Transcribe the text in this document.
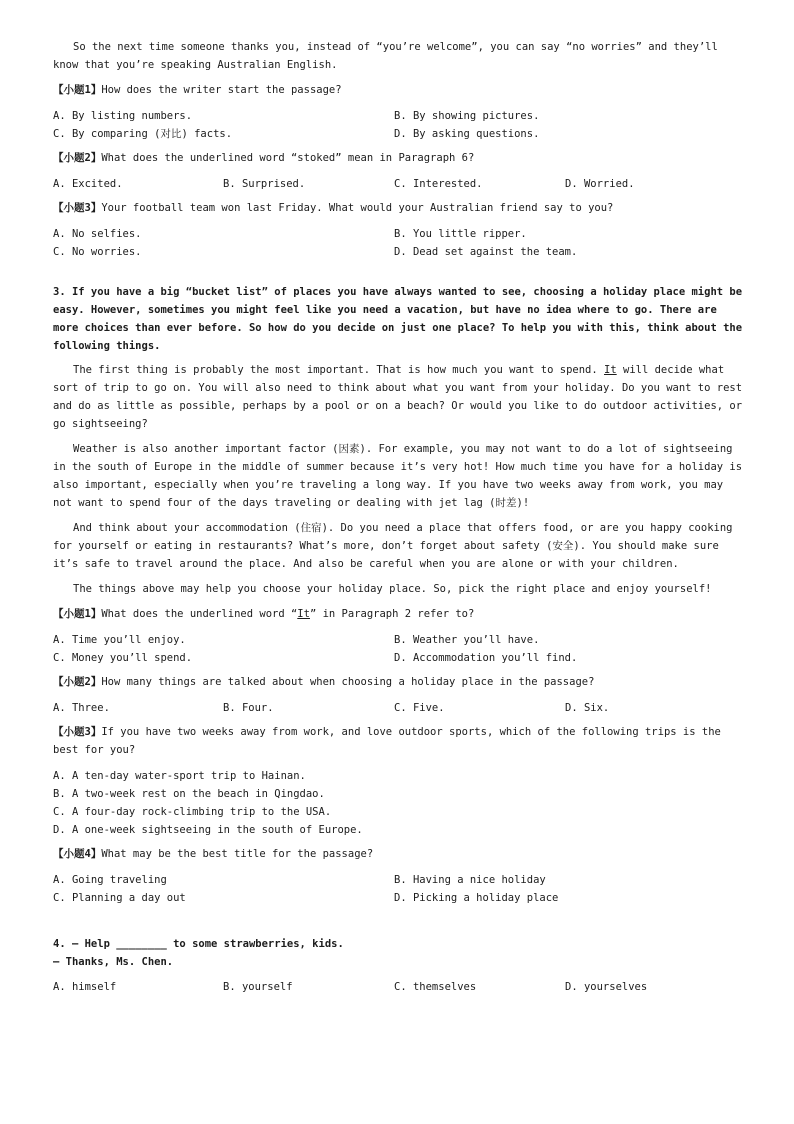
So the next time someone thanks you, instead of “you’re welcome”, you can say “no worries” and they’ll know that you’re speaking Australian English.

【小题1】How does the writer start the passage?

A. By listing numbers.	B. By showing pictures.
C. By comparing (对比) facts.	D. By asking questions.

【小题2】What does the underlined word “stoked” mean in Paragraph 6?

A. Excited.	B. Surprised.	C. Interested.	D. Worried.

【小题3】Your football team won last Friday. What would your Australian friend say to you?

A. No selfies.	B. You little ripper.
C. No worries.	D. Dead set against the team.

3. If you have a big “bucket list” of places you have always wanted to see, choosing a holiday place might be easy. However, sometimes you might feel like you need a vacation, but have no idea where to go. There are more choices than ever before. So how do you decide on just one place? To help you with this, think about the following things.

The first thing is probably the most important. That is how much you want to spend. It will decide what sort of trip to go on. You will also need to think about what you want from your holiday. Do you want to rest and do as little as possible, perhaps by a pool or on a beach? Or would you like to do outdoor activities, or go sightseeing?

Weather is also another important factor (因素). For example, you may not want to do a lot of sightseeing in the south of Europe in the middle of summer because it’s very hot! How much time you have for a holiday is also important, especially when you’re traveling a long way. If you have two weeks away from work, you may not want to spend four of the days traveling or dealing with jet lag (时差)!

And think about your accommodation (住宿). Do you need a place that offers food, or are you happy cooking for yourself or eating in restaurants? What’s more, don’t forget about safety (安全). You should make sure it’s safe to travel around the place. And also be careful when you are alone or with your children.

The things above may help you choose your holiday place. So, pick the right place and enjoy yourself!

【小题1】What does the underlined word “It” in Paragraph 2 refer to?

A. Time you’ll enjoy.	B. Weather you’ll have.
C. Money you’ll spend.	D. Accommodation you’ll find.

【小题2】How many things are talked about when choosing a holiday place in the passage?

A. Three.	B. Four.	C. Five.	D. Six.

【小题3】If you have two weeks away from work, and love outdoor sports, which of the following trips is the best for you?

A. A ten-day water-sport trip to Hainan.
B. A two-week rest on the beach in Qingdao.
C. A four-day rock-climbing trip to the USA.
D. A one-week sightseeing in the south of Europe.

【小题4】What may be the best title for the passage?

A. Going traveling	B. Having a nice holiday
C. Planning a day out	D. Picking a holiday place
4. — Help ________ to some strawberries, kids.
— Thanks, Ms. Chen.
A. himself	B. yourself	C. themselves	D. yourselves
